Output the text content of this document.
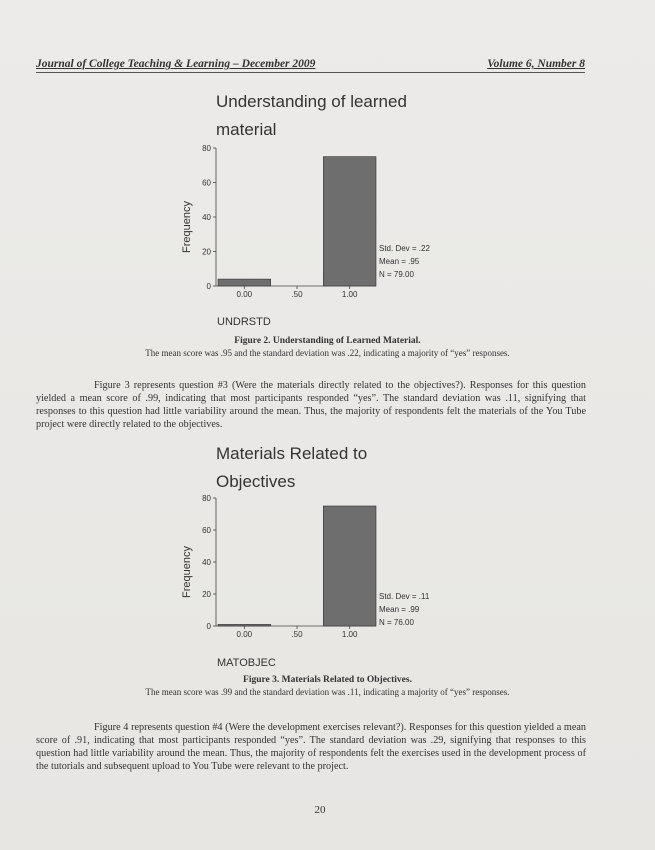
Journal of College Teaching & Learning – December 2009	Volume 6, Number 8
Understanding of learned
material
0
20
40
60
80
Frequency
0.00	.50	1.00
Std. Dev = .22
Mean = .95
N = 79.00
UNDRSTD
Figure 2. Understanding of Learned Material.
The mean score was .95 and the standard deviation was .22, indicating a majority of “yes” responses.
Figure 3 represents question #3 (Were the materials directly related to the objectives?). Responses for this question yielded a mean score of .99, indicating that most participants responded “yes”. The standard deviation was .11, signifying that responses to this question had little variability around the mean. Thus, the majority of respondents felt the materials of the You Tube project were directly related to the objectives.
Materials Related to
Objectives
0
20
40
60
80
Frequency
0.00	.50	1.00
Std. Dev = .11
Mean = .99
N = 76.00
MATOBJEC
Figure 3. Materials Related to Objectives.
The mean score was .99 and the standard deviation was .11, indicating a majority of “yes” responses.
Figure 4 represents question #4 (Were the development exercises relevant?). Responses for this question yielded a mean score of .91, indicating that most participants responded “yes”. The standard deviation was .29, signifying that responses to this question had little variability around the mean. Thus, the majority of respondents felt the exercises used in the development process of the tutorials and subsequent upload to You Tube were relevant to the project.
20
